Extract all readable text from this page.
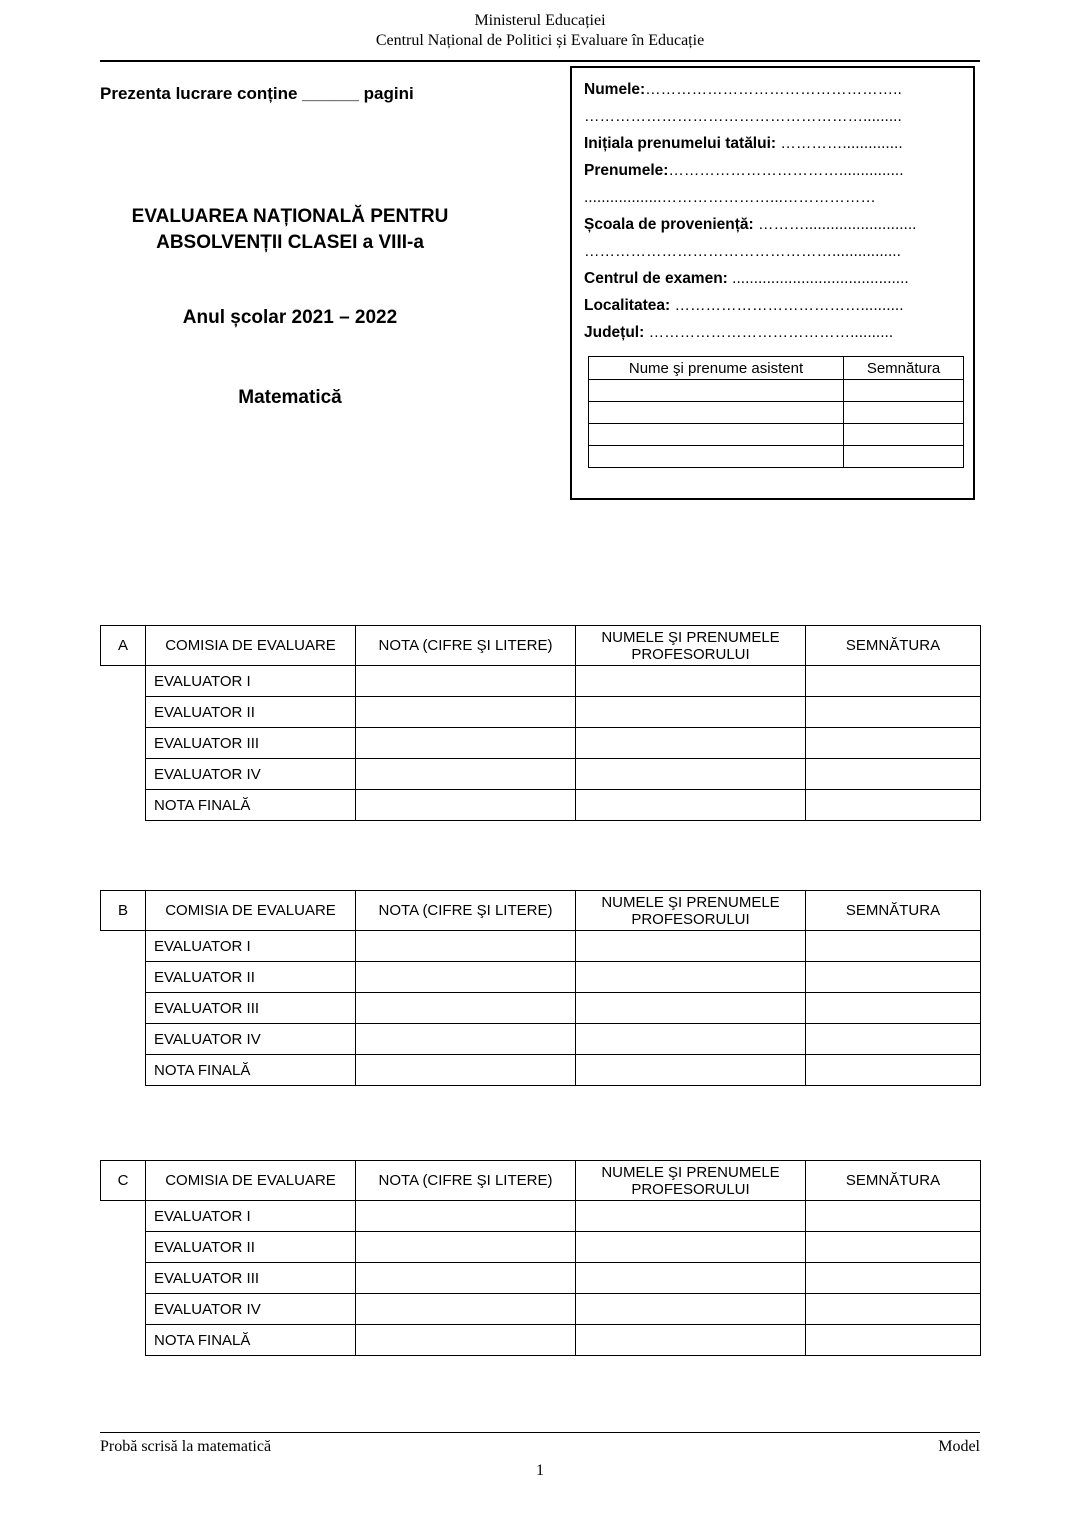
Ministerul Educației
Centrul Național de Politici și Evaluare în Educație
Prezenta lucrare conține ______ pagini
EVALUAREA NAȚIONALĂ PENTRU
ABSOLVENȚII CLASEI a VIII-a
Anul școlar 2021 – 2022
Matematică
Numele:…………………………………………..
……………………………………………….........
Inițiala prenumelui tatălui: …………..............
Prenumele:……………………………...............
..................…………………...………………
Școala de proveniență: ………..........................
…………………………………………................
Centrul de examen: .........................................
Localitatea: ………………………………..........
Județul: …………………………………..........
Nume şi prenume asistent	Semnătura

A	COMISIA DE EVALUARE	NOTA (CIFRE ŞI LITERE)	NUMELE ŞI PRENUMELE PROFESORULUI	SEMNĂTURA
	EVALUATOR I			
	EVALUATOR II			
	EVALUATOR III			
	EVALUATOR IV			
	NOTA FINALĂ			
B	COMISIA DE EVALUARE	NOTA (CIFRE ŞI LITERE)	NUMELE ŞI PRENUMELE PROFESORULUI	SEMNĂTURA
	EVALUATOR I			
	EVALUATOR II			
	EVALUATOR III			
	EVALUATOR IV			
	NOTA FINALĂ			
C	COMISIA DE EVALUARE	NOTA (CIFRE ŞI LITERE)	NUMELE ŞI PRENUMELE PROFESORULUI	SEMNĂTURA
	EVALUATOR I			
	EVALUATOR II			
	EVALUATOR III			
	EVALUATOR IV			
	NOTA FINALĂ			
Probă scrisă la matematică	Model
1
